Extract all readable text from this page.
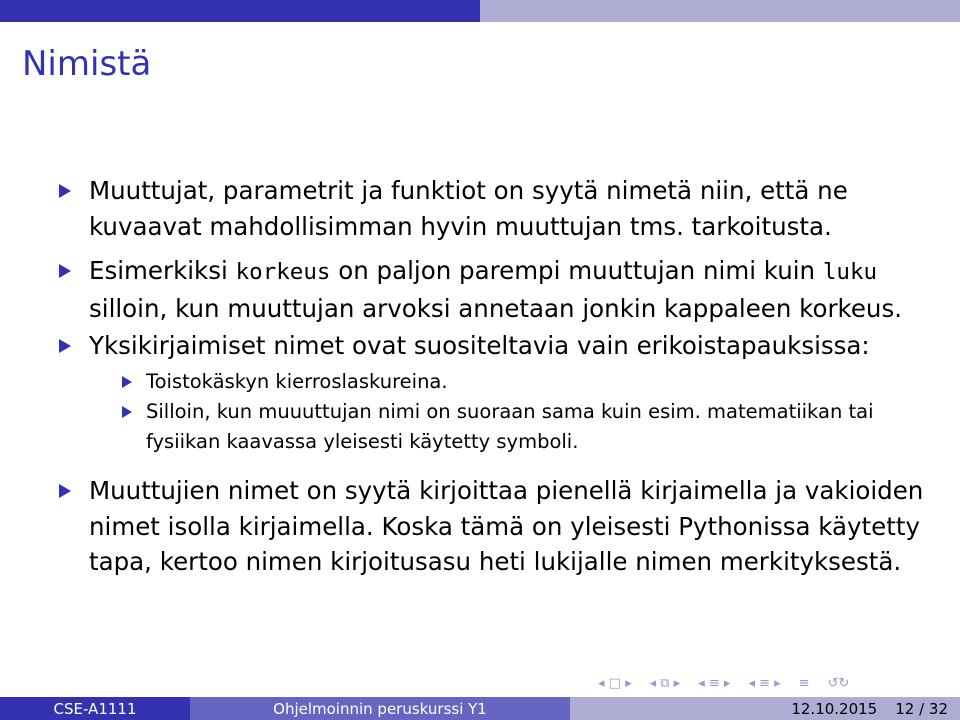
Nimistä
Muuttujat, parametrit ja funktiot on syytä nimetä niin, että ne kuvaavat mahdollisimman hyvin muuttujan tms. tarkoitusta.
Esimerkiksi korkeus on paljon parempi muuttujan nimi kuin luku silloin, kun muuttujan arvoksi annetaan jonkin kappaleen korkeus.
Yksikirjaimiset nimet ovat suositeltavia vain erikoistapauksissa:
Toistokäskyn kierroslaskureina.
Silloin, kun muuuttujan nimi on suoraan sama kuin esim. matematiikan tai fysiikan kaavassa yleisesti käytetty symboli.
Muuttujien nimet on syytä kirjoittaa pienellä kirjaimella ja vakioiden nimet isolla kirjaimella. Koska tämä on yleisesti Pythonissa käytetty tapa, kertoo nimen kirjoitusasu heti lukijalle nimen merkityksestä.
◂ □ ▸ ◂ ⧉ ▸ ◂ ≡ ▸ ◂ ≡ ▸ ≡ ↺↻
CSE-A1111	Ohjelmoinnin peruskurssi Y1	12.10.2015 12 / 32
